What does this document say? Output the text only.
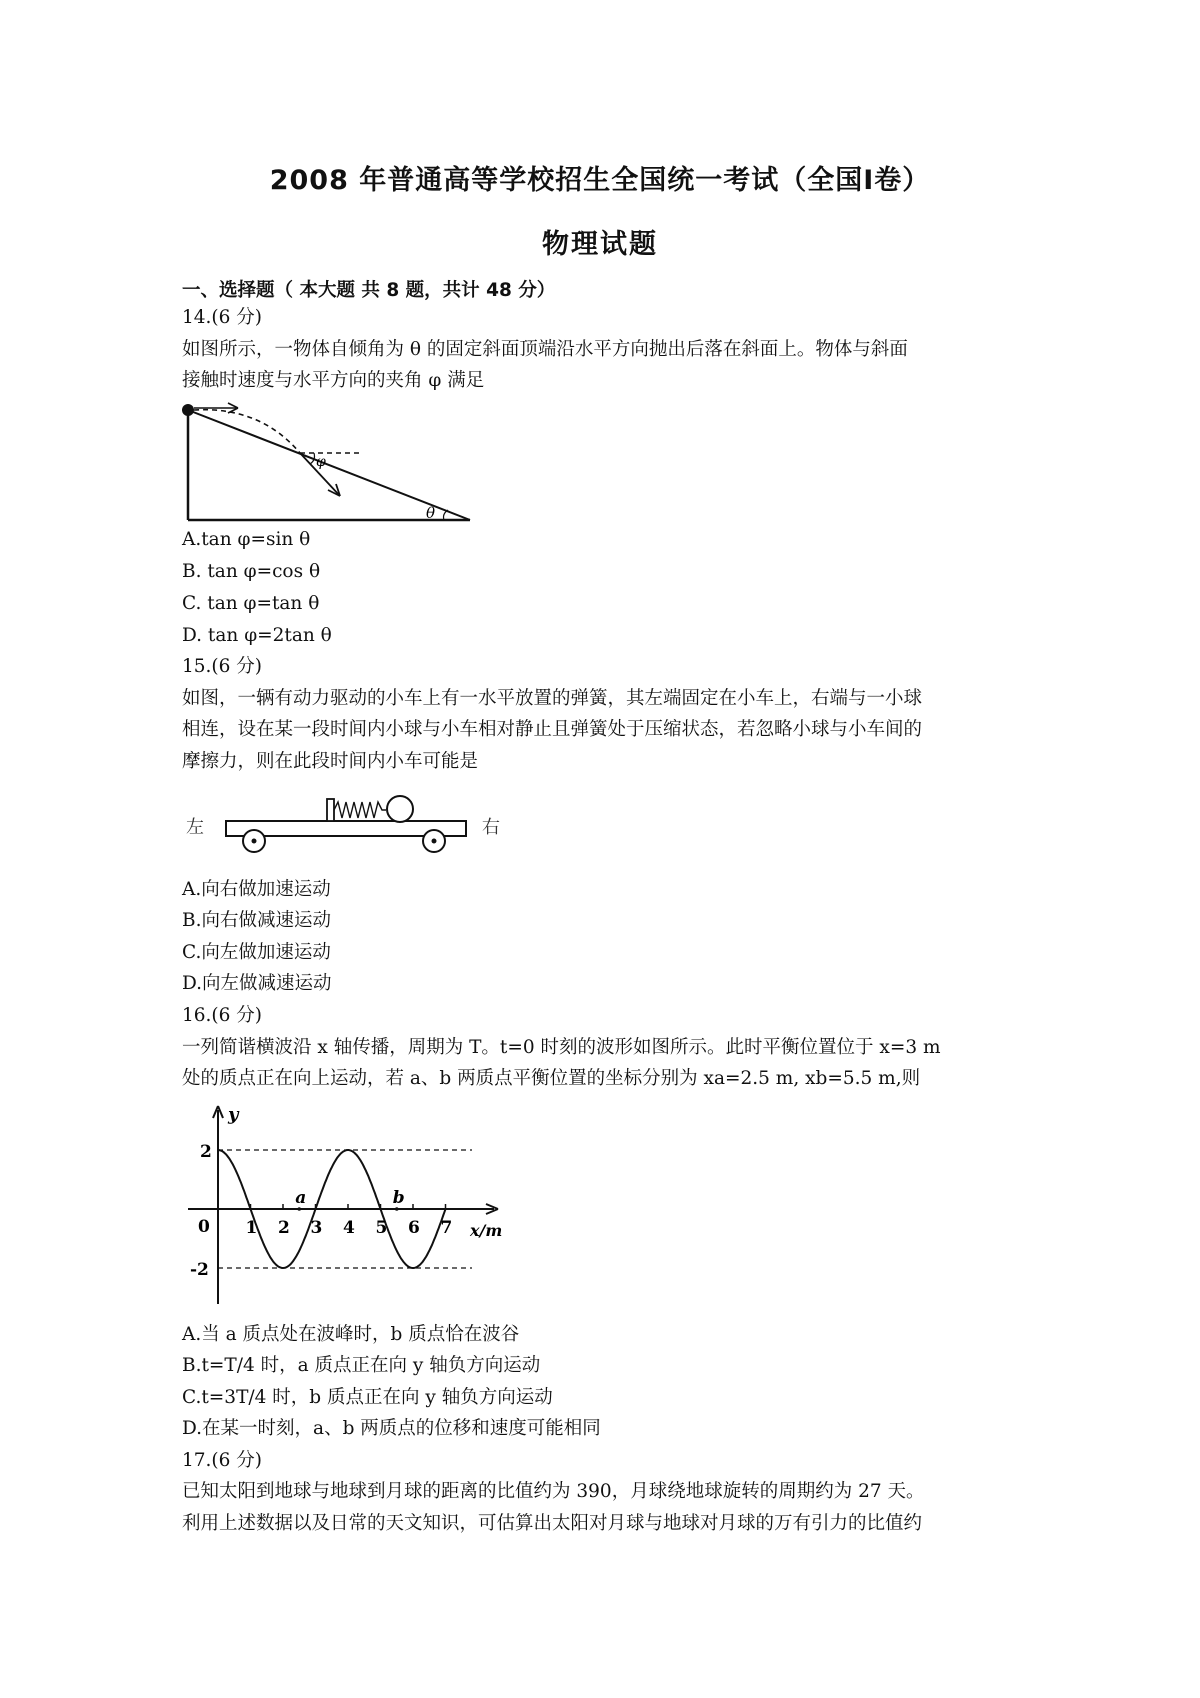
2008 年普通高等学校招生全国统一考试（全国Ⅰ卷）
物理试题
一、选择题（ 本大题 共 8 题，共计 48 分）
14.(6 分)
如图所示，一物体自倾角为 θ 的固定斜面顶端沿水平方向抛出后落在斜面上。物体与斜面
接触时速度与水平方向的夹角 φ 满足
φ
θ
A.tan φ=sin θ
B. tan φ=cos θ
C. tan φ=tan θ
D. tan φ=2tan θ
15.(6 分)
如图，一辆有动力驱动的小车上有一水平放置的弹簧，其左端固定在小车上，右端与一小球
相连，设在某一段时间内小球与小车相对静止且弹簧处于压缩状态，若忽略小球与小车间的
摩擦力，则在此段时间内小车可能是
左	右
A.向右做加速运动
B.向右做减速运动
C.向左做加速运动
D.向左做减速运动
16.(6 分)
一列简谐横波沿 x 轴传播，周期为 T。t=0 时刻的波形如图所示。此时平衡位置位于 x=3 m
处的质点正在向上运动，若 a、b 两质点平衡位置的坐标分别为 xa=2.5 m, xb=5.5 m,则
y
x/m
0
2
-2
1 2 3 4 5 6 7
a	b
A.当 a 质点处在波峰时，b 质点恰在波谷
B.t=T/4 时，a 质点正在向 y 轴负方向运动
C.t=3T/4 时，b 质点正在向 y 轴负方向运动
D.在某一时刻，a、b 两质点的位移和速度可能相同
17.(6 分)
已知太阳到地球与地球到月球的距离的比值约为 390，月球绕地球旋转的周期约为 27 天。
利用上述数据以及日常的天文知识，可估算出太阳对月球与地球对月球的万有引力的比值约
